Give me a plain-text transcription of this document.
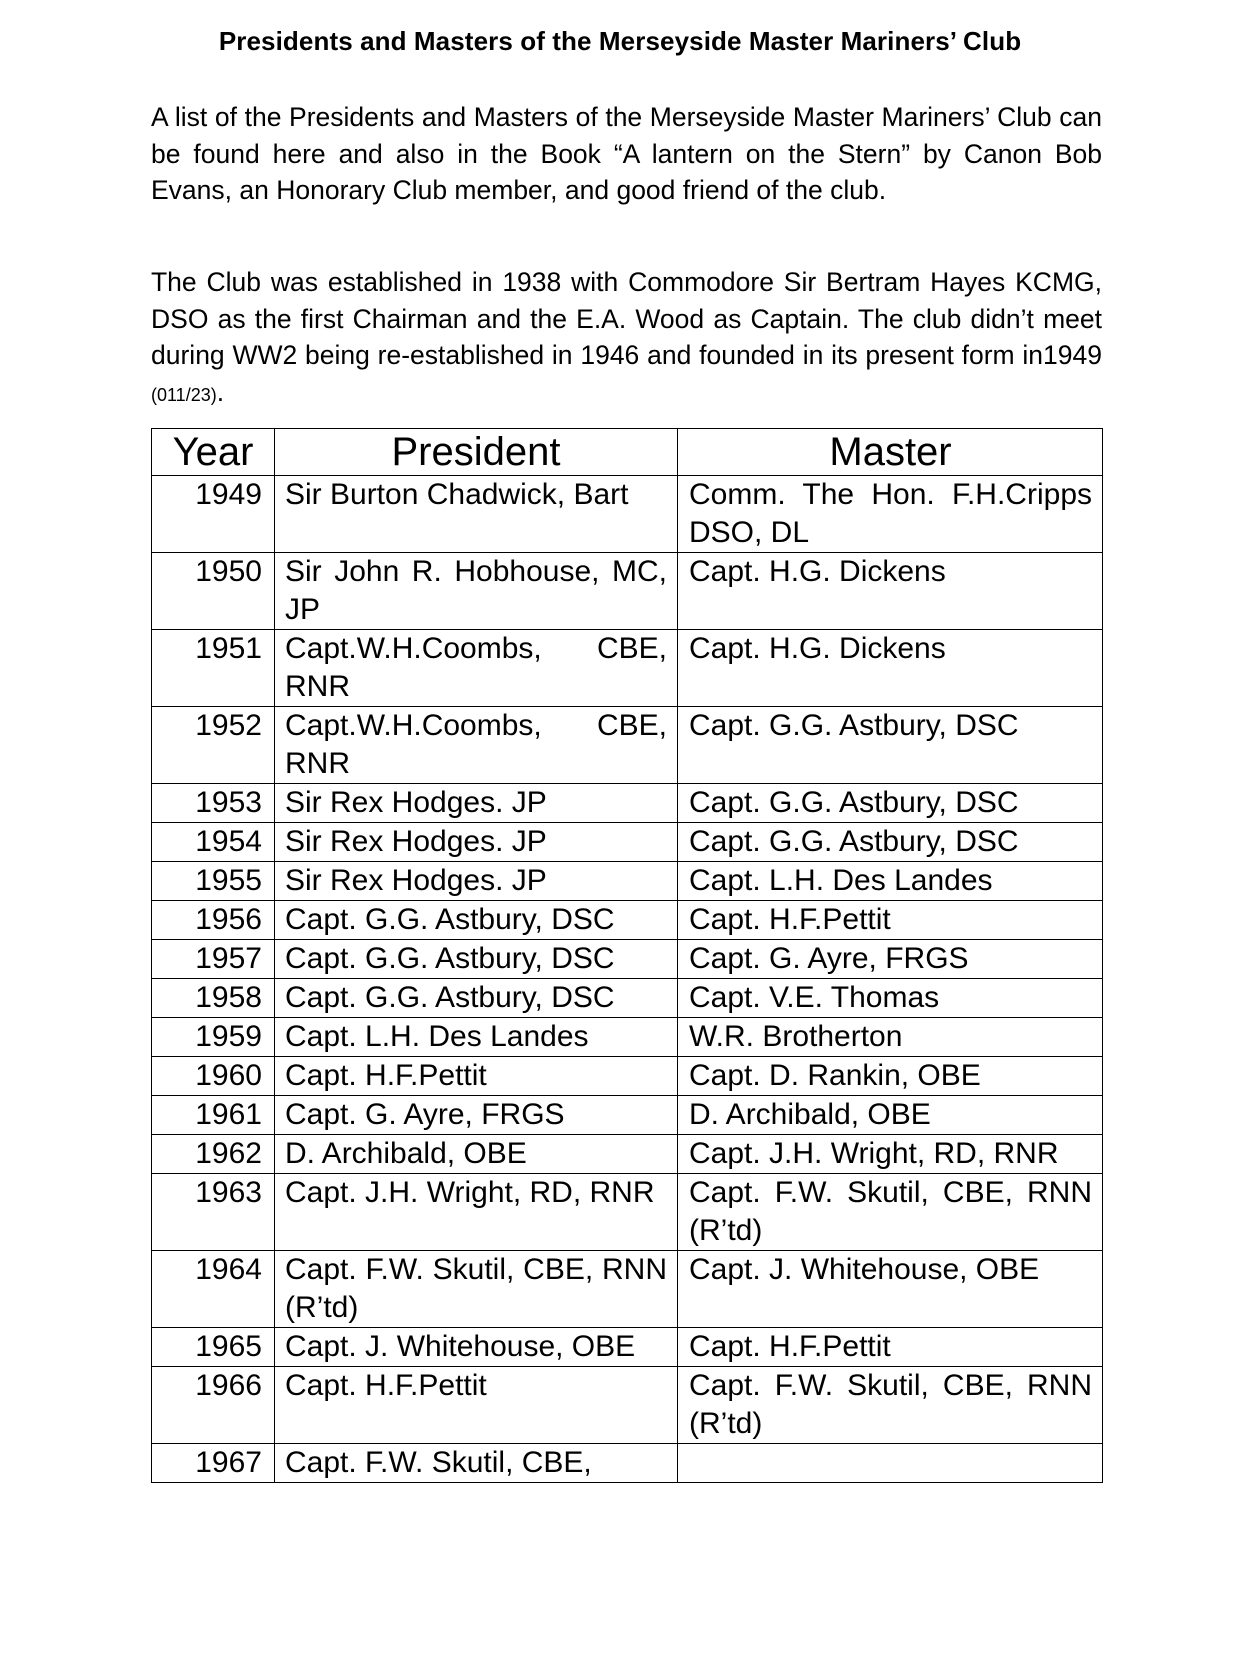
Presidents and Masters of the Merseyside Master Mariners’ Club
A list of the Presidents and Masters of the Merseyside Master Mariners’ Club can be found here and also in the Book “A lantern on the Stern” by Canon Bob Evans, an Honorary Club member, and good friend of the club.
The Club was established in 1938 with Commodore Sir Bertram Hayes KCMG, DSO as the first Chairman and the E.A. Wood as Captain. The club didn’t meet during WW2 being re-established in 1946 and founded in its present form in1949 (011/23).
Year	President	Master
1949	Sir Burton Chadwick, Bart	Comm. The Hon. F.H.Cripps DSO, DL
1950	Sir John R. Hobhouse, MC, JP	Capt. H.G. Dickens
1951	Capt.W.H.Coombs, CBE, RNR	Capt. H.G. Dickens
1952	Capt.W.H.Coombs, CBE, RNR	Capt. G.G. Astbury, DSC
1953	Sir Rex Hodges. JP	Capt. G.G. Astbury, DSC
1954	Sir Rex Hodges. JP	Capt. G.G. Astbury, DSC
1955	Sir Rex Hodges. JP	Capt. L.H. Des Landes
1956	Capt. G.G. Astbury, DSC	Capt. H.F.Pettit
1957	Capt. G.G. Astbury, DSC	Capt. G. Ayre, FRGS
1958	Capt. G.G. Astbury, DSC	Capt. V.E. Thomas
1959	Capt. L.H. Des Landes	W.R. Brotherton
1960	Capt. H.F.Pettit	Capt. D. Rankin, OBE
1961	Capt. G. Ayre, FRGS	D. Archibald, OBE
1962	D. Archibald, OBE	Capt. J.H. Wright, RD, RNR
1963	Capt. J.H. Wright, RD, RNR	Capt. F.W. Skutil, CBE, RNN (R’td)
1964	Capt. F.W. Skutil, CBE, RNN (R’td)	Capt. J. Whitehouse, OBE
1965	Capt. J. Whitehouse, OBE	Capt. H.F.Pettit
1966	Capt. H.F.Pettit	Capt. F.W. Skutil, CBE, RNN (R’td)
1967	Capt. F.W. Skutil, CBE,	
